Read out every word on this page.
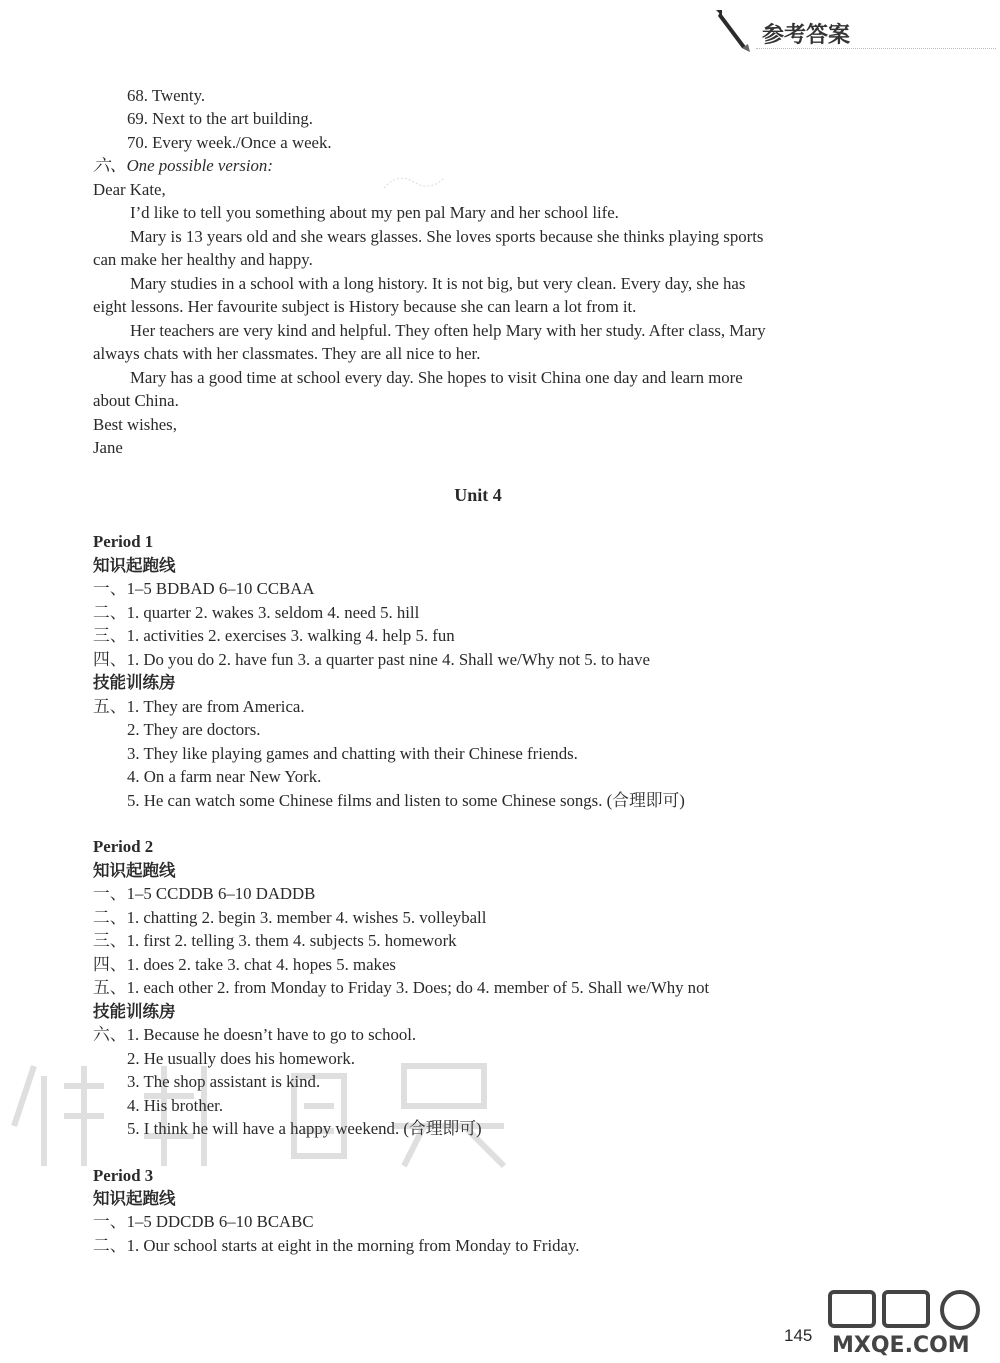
参考答案
68. Twenty.
69. Next to the art building.
70. Every week./Once a week.
Dear Kate,
I’d like to tell you something about my pen pal Mary and her school life.
Mary is 13 years old and she wears glasses. She loves sports because she thinks playing sports
can make her healthy and happy.
Mary studies in a school with a long history. It is not big, but very clean. Every day, she has
eight lessons. Her favourite subject is History because she can learn a lot from it.
Her teachers are very kind and helpful. They often help Mary with her study. After class, Mary
always chats with her classmates. They are all nice to her.
Mary has a good time at school every day. She hopes to visit China one day and learn more
about China.
Best wishes,
Jane
一、1–5 BDBAD 6–10 CCBAA
二、1. quarter 2. wakes 3. seldom 4. need 5. hill
三、1. activities 2. exercises 3. walking 4. help 5. fun
四、1. Do you do 2. have fun 3. a quarter past nine 4. Shall we/Why not 5. to have
五、1. They are from America.
2. They are doctors.
3. They like playing games and chatting with their Chinese friends.
4. On a farm near New York.
5. He can watch some Chinese films and listen to some Chinese songs. (合理即可)
一、1–5 CCDDB 6–10 DADDB
二、1. chatting 2. begin 3. member 4. wishes 5. volleyball
三、1. first 2. telling 3. them 4. subjects 5. homework
四、1. does 2. take 3. chat 4. hopes 5. makes
五、1. each other 2. from Monday to Friday 3. Does; do 4. member of 5. Shall we/Why not
六、1. Because he doesn’t have to go to school.
2. He usually does his homework.
3. The shop assistant is kind.
4. His brother.
5. I think he will have a happy weekend. (合理即可)
一、1–5 DDCDB 6–10 BCABC
二、1. Our school starts at eight in the morning from Monday to Friday.
Period 1
Period 2
Period 3
知识起跑线
技能训练房
知识起跑线
技能训练房
知识起跑线
六、One possible version:
Unit 4
145 MXQE.COM
